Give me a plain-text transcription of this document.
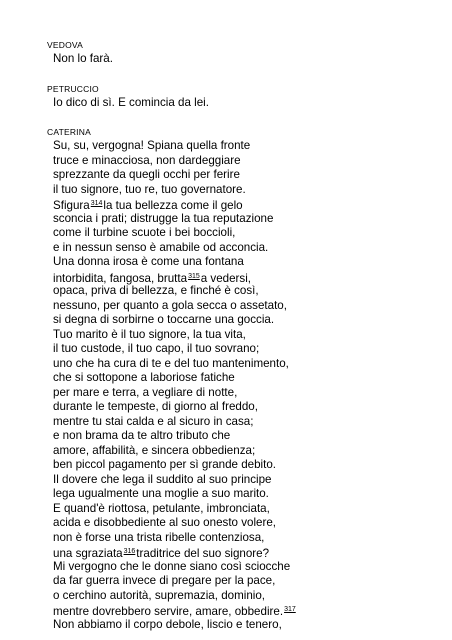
VEDOVA
Non lo farà.
PETRUCCIO
Io dico di sì. E comincia da lei.
CATERINA
Su, su, vergogna! Spiana quella fronte
truce e minacciosa, non dardeggiare
sprezzante da quegli occhi per ferire
il tuo signore, tuo re, tuo governatore.
Sfigura$^{314}$la tua bellezza come il gelo
sconcia i prati; distrugge la tua reputazione
come il turbine scuote i bei boccioli,
e in nessun senso è amabile od acconcia.
Una donna irosa è come una fontana
intorbidita, fangosa, brutta$^{315}$a vedersi,
opaca, priva di bellezza, e finché è così,
nessuno, per quanto a gola secca o assetato,
si degna di sorbirne o toccarne una goccia.
Tuo marito è il tuo signore, la tua vita,
il tuo custode, il tuo capo, il tuo sovrano;
uno che ha cura di te e del tuo mantenimento,
che si sottopone a laboriose fatiche
per mare e terra, a vegliare di notte,
durante le tempeste, di giorno al freddo,
mentre tu stai calda e al sicuro in casa;
e non brama da te altro tributo che
amore, affabilità, e sincera obbedienza;
ben piccol pagamento per sì grande debito.
Il dovere che lega il suddito al suo principe
lega ugualmente una moglie a suo marito.
E quand'è riottosa, petulante, imbronciata,
acida e disobbediente al suo onesto volere,
non è forse una trista ribelle contenziosa,
una sgraziata$^{316}$traditrice del suo signore?
Mi vergogno che le donne siano così sciocche
da far guerra invece di pregare per la pace,
o cerchino autorità, supremazia, dominio,
mentre dovrebbero servire, amare, obbedire.$^{317}$
Non abbiamo il corpo debole, liscio e tenero,
